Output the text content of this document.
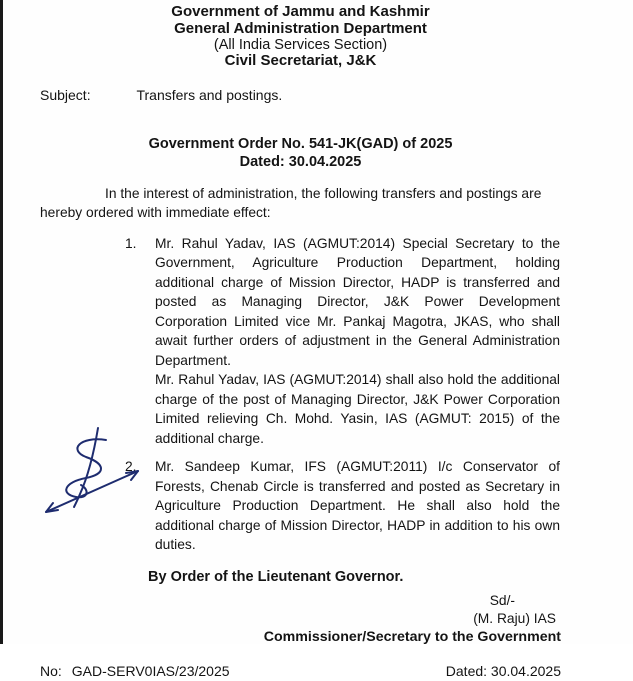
Government of Jammu and Kashmir
General Administration Department
(All India Services Section)
Civil Secretariat, J&K
Subject:	Transfers and postings.
Government Order No. 541-JK(GAD) of 2025
Dated: 30.04.2025

In the interest of administration, the following transfers and postings are hereby ordered with immediate effect:

1.	Mr. Rahul Yadav, IAS (AGMUT:2014) Special Secretary to the Government, Agriculture Production Department, holding additional charge of Mission Director, HADP is transferred and posted as Managing Director, J&K Power Development Corporation Limited vice Mr. Pankaj Magotra, JKAS, who shall await further orders of adjustment in the General Administration Department.

Mr. Rahul Yadav, IAS (AGMUT:2014) shall also hold the additional charge of the post of Managing Director, J&K Power Corporation Limited relieving Ch. Mohd. Yasin, IAS (AGMUT: 2015) of the additional charge.

2.	Mr. Sandeep Kumar, IFS (AGMUT:2011) I/c Conservator of Forests, Chenab Circle is transferred and posted as Secretary in Agriculture Production Department. He shall also hold the additional charge of Mission Director, HADP in addition to his own duties.

By Order of the Lieutenant Governor.
Sd/-
(M. Raju) IAS
Commissioner/Secretary to the Government
No: GAD-SERV0IAS/23/2025	Dated: 30.04.2025
